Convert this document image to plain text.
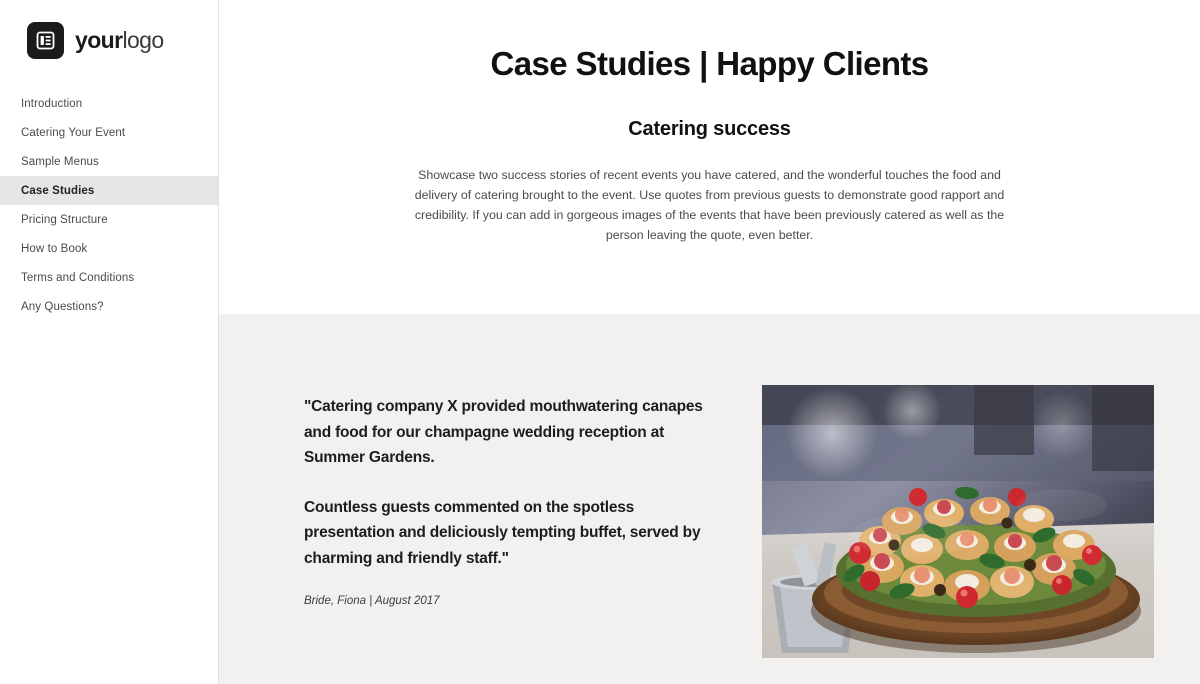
yourlogo
Introduction
Catering Your Event
Sample Menus
Case Studies
Pricing Structure
How to Book
Terms and Conditions
Any Questions?
Case Studies | Happy Clients
Catering success

Showcase two success stories of recent events you have catered, and the wonderful touches the food and delivery of catering brought to the event. Use quotes from previous guests to demonstrate good rapport and credibility. If you can add in gorgeous images of the events that have been previously catered as well as the person leaving the quote, even better.

"Catering company X provided mouthwatering canapes and food for our champagne wedding reception at Summer Gardens.

Countless guests commented on the spotless presentation and deliciously tempting buffet, served by charming and friendly staff."

Bride, Fiona | August 2017
